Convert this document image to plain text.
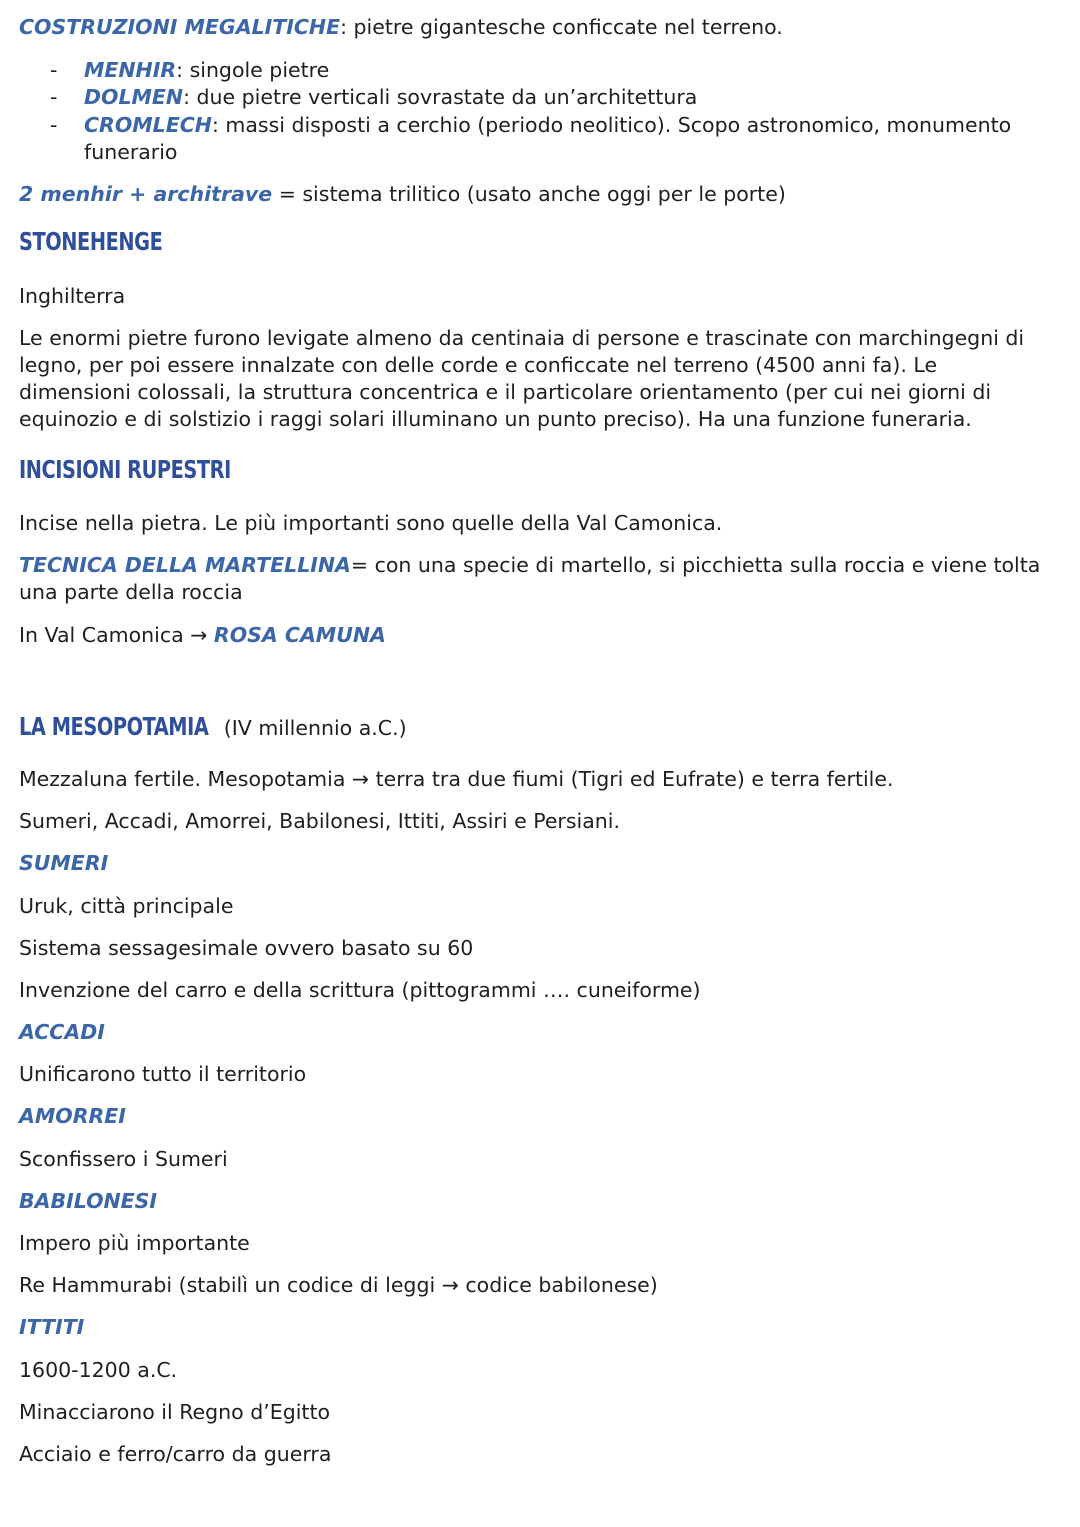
COSTRUZIONI MEGALITICHE: pietre gigantesche conficcate nel terreno.
- MENHIR: singole pietre
- DOLMEN: due pietre verticali sovrastate da un’architettura
- CROMLECH: massi disposti a cerchio (periodo neolitico). Scopo astronomico, monumento funerario
2 menhir + architrave = sistema trilitico (usato anche oggi per le porte)
STONEHENGE
Inghilterra
Le enormi pietre furono levigate almeno da centinaia di persone e trascinate con marchingegni di legno, per poi essere innalzate con delle corde e conficcate nel terreno (4500 anni fa). Le dimensioni colossali, la struttura concentrica e il particolare orientamento (per cui nei giorni di equinozio e di solstizio i raggi solari illuminano un punto preciso). Ha una funzione funeraria.
INCISIONI RUPESTRI
Incise nella pietra. Le più importanti sono quelle della Val Camonica.
TECNICA DELLA MARTELLINA= con una specie di martello, si picchietta sulla roccia e viene tolta una parte della roccia
In Val Camonica → ROSA CAMUNA
LA MESOPOTAMIA (IV millennio a.C.)
Mezzaluna fertile. Mesopotamia → terra tra due fiumi (Tigri ed Eufrate) e terra fertile.
Sumeri, Accadi, Amorrei, Babilonesi, Ittiti, Assiri e Persiani.
SUMERI
Uruk, città principale
Sistema sessagesimale ovvero basato su 60
Invenzione del carro e della scrittura (pittogrammi …. cuneiforme)
ACCADI
Unificarono tutto il territorio
AMORREI
Sconfissero i Sumeri
BABILONESI
Impero più importante
Re Hammurabi (stabilì un codice di leggi → codice babilonese)
ITTITI
1600-1200 a.C.
Minacciarono il Regno d’Egitto
Acciaio e ferro/carro da guerra
